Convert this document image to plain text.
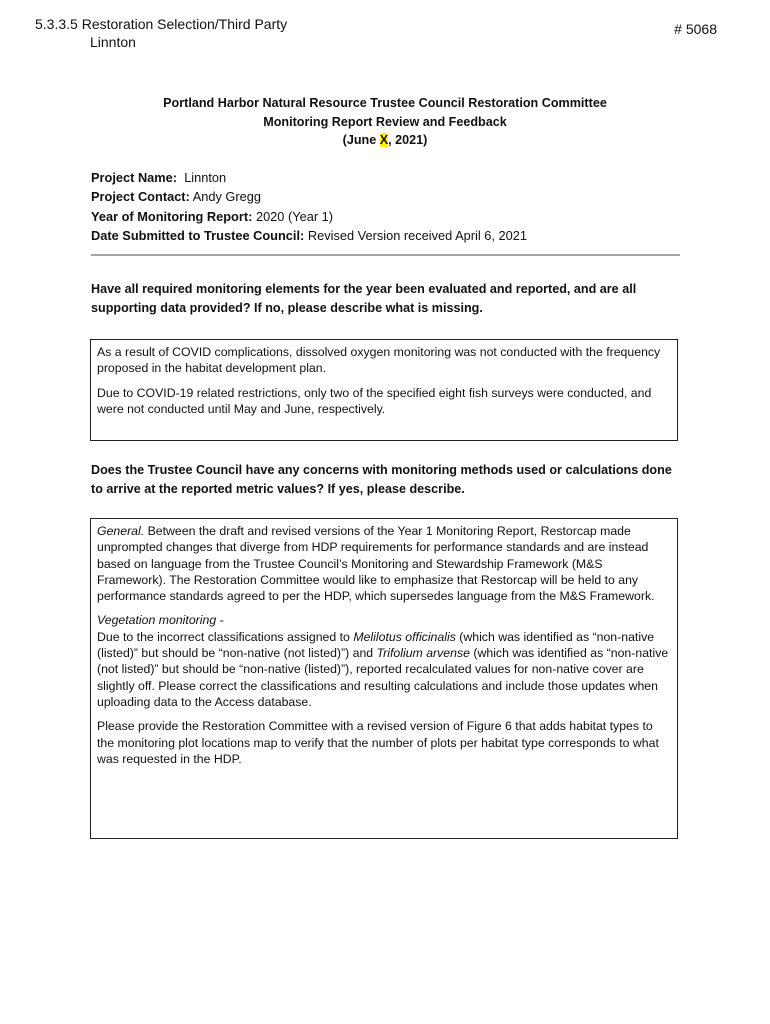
5.3.3.5 Restoration Selection/Third Party
Linnton
# 5068
Portland Harbor Natural Resource Trustee Council Restoration Committee
Monitoring Report Review and Feedback
(June X, 2021)
Project Name: Linnton
Project Contact: Andy Gregg
Year of Monitoring Report: 2020 (Year 1)
Date Submitted to Trustee Council: Revised Version received April 6, 2021
Have all required monitoring elements for the year been evaluated and reported, and are all supporting data provided? If no, please describe what is missing.

As a result of COVID complications, dissolved oxygen monitoring was not conducted with the frequency proposed in the habitat development plan.

Due to COVID-19 related restrictions, only two of the specified eight fish surveys were conducted, and were not conducted until May and June, respectively.

Does the Trustee Council have any concerns with monitoring methods used or calculations done to arrive at the reported metric values? If yes, please describe.

General. Between the draft and revised versions of the Year 1 Monitoring Report, Restorcap made unprompted changes that diverge from HDP requirements for performance standards and are instead based on language from the Trustee Council’s Monitoring and Stewardship Framework (M&S Framework). The Restoration Committee would like to emphasize that Restorcap will be held to any performance standards agreed to per the HDP, which supersedes language from the M&S Framework.

Vegetation monitoring -
Due to the incorrect classifications assigned to Melilotus officinalis (which was identified as “non-native (listed)” but should be “non-native (not listed)”) and Trifolium arvense (which was identified as “non-native (not listed)” but should be “non-native (listed)”), reported recalculated values for non-native cover are slightly off. Please correct the classifications and resulting calculations and include those updates when uploading data to the Access database.

Please provide the Restoration Committee with a revised version of Figure 6 that adds habitat types to the monitoring plot locations map to verify that the number of plots per habitat type corresponds to what was requested in the HDP.
